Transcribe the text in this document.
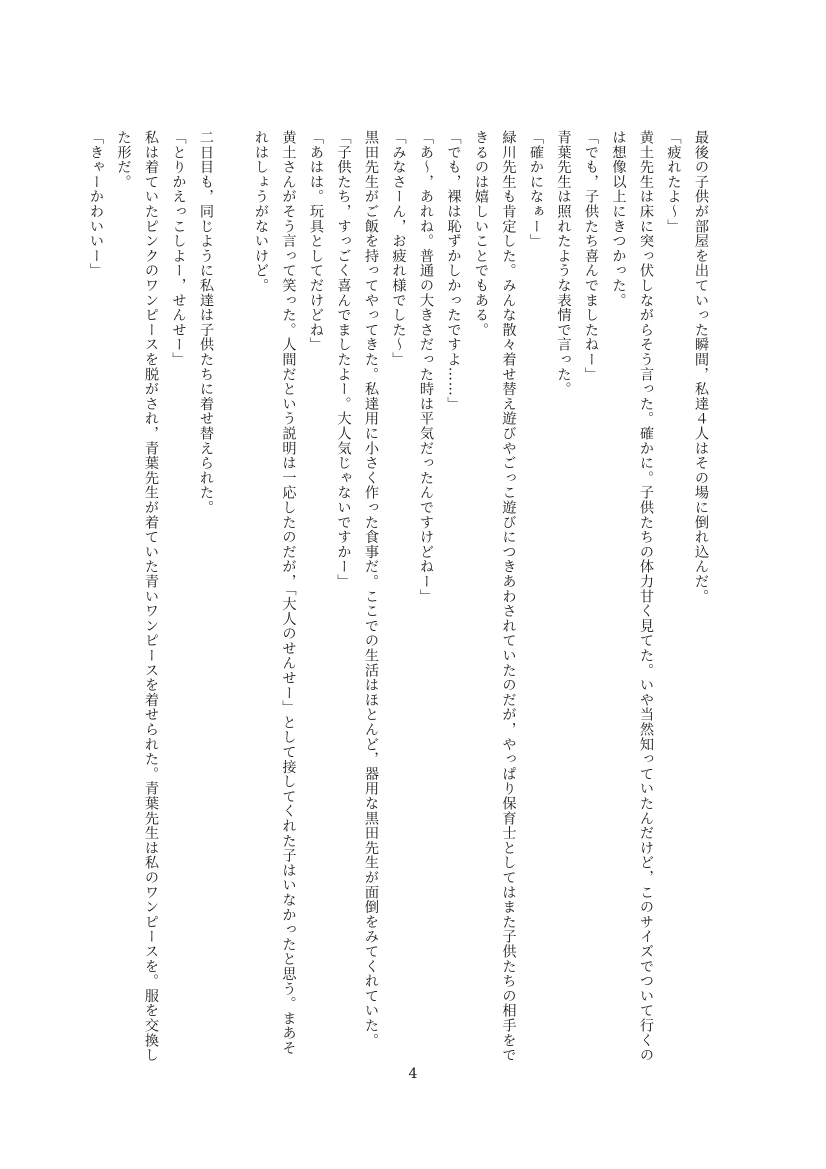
最後の子供が部屋を出ていった瞬間，私達４人はその場に倒れ込んだ。

「疲れたよ～」

黄土先生は床に突っ伏しながらそう言った。確かに。子供たちの体力甘く見てた。いや当然知っていたんだけど，このサイズでついて行くの

は想像以上にきつかった。

「でも，子供たち喜んでましたねー」

青葉先生は照れたような表情で言った。

「確かになぁー」

緑川先生も肯定した。みんな散々着せ替え遊びやごっこ遊びにつきあわされていたのだが，やっぱり保育士としてはまた子供たちの相手をで

きるのは嬉しいことでもある。

「でも，裸は恥ずかしかったですよ……」

「あ～，あれね。普通の大きさだった時は平気だったんですけどねー」

「みなさーん，お疲れ様でした～」

黒田先生がご飯を持ってやってきた。私達用に小さく作った食事だ。ここでの生活はほとんど，器用な黒田先生が面倒をみてくれていた。

「子供たち，すっごく喜んでましたよー。大人気じゃないですかー」

「あはは。玩具としてだけどね」

黄土さんがそう言って笑った。人間だという説明は一応したのだが，「大人のせんせー」として接してくれた子はいなかったと思う。まあそ

れはしょうがないけど。

二日目も，同じように私達は子供たちに着せ替えられた。

「とりかえっこしよー，せんせー」

私は着ていたピンクのワンピースを脱がされ，青葉先生が着ていた青いワンピースを着せられた。青葉先生は私のワンピースを。服を交換し

た形だ。

「きゃーかわいいー」

4
